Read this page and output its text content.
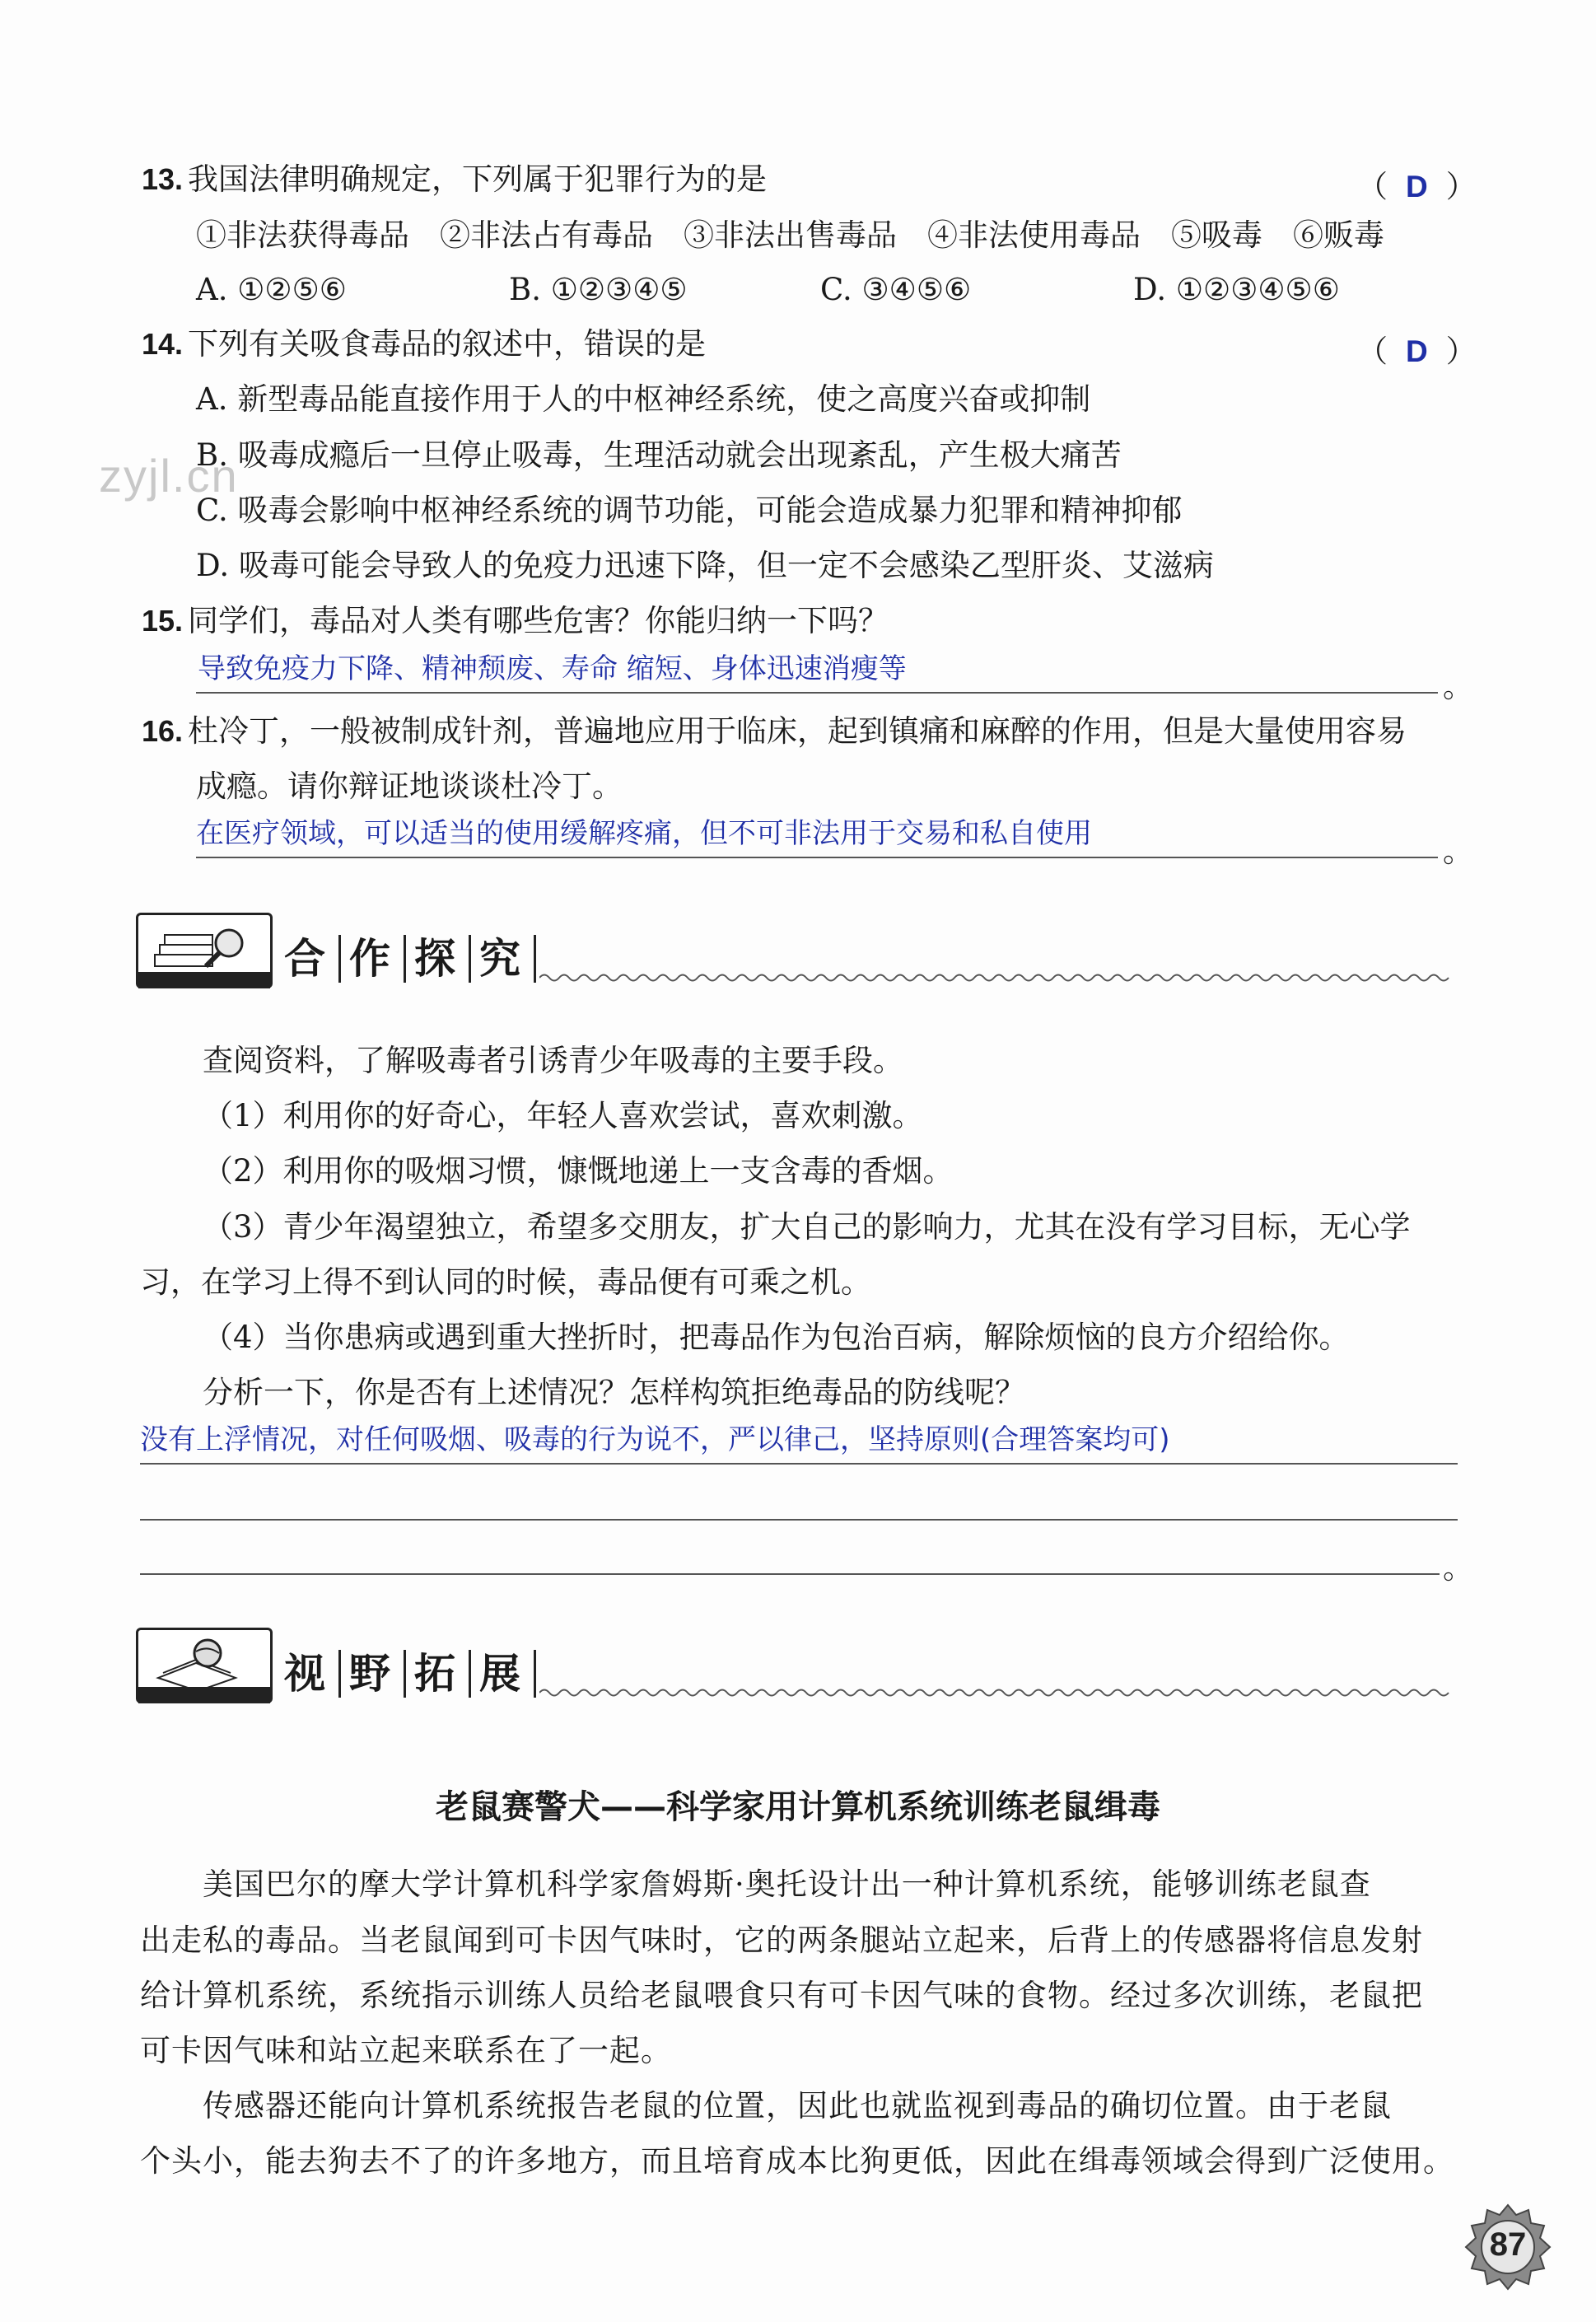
zyjl.cn
13. 我国法律明确规定，下列属于犯罪行为的是	（ D ）
①非法获得毒品　②非法占有毒品　③非法出售毒品　④非法使用毒品　⑤吸毒　⑥贩毒
A. ①②⑤⑥	B. ①②③④⑤	C. ③④⑤⑥	D. ①②③④⑤⑥
14. 下列有关吸食毒品的叙述中，错误的是	（ D ）
A. 新型毒品能直接作用于人的中枢神经系统，使之高度兴奋或抑制
B. 吸毒成瘾后一旦停止吸毒，生理活动就会出现紊乱，产生极大痛苦
C. 吸毒会影响中枢神经系统的调节功能，可能会造成暴力犯罪和精神抑郁
D. 吸毒可能会导致人的免疫力迅速下降，但一定不会感染乙型肝炎、艾滋病
15. 同学们，毒品对人类有哪些危害？你能归纳一下吗？
导致免疫力下降、精神颓废、寿命 缩短、身体迅速消瘦等	。
16. 杜冷丁，一般被制成针剂，普遍地应用于临床，起到镇痛和麻醉的作用，但是大量使用容易
成瘾。请你辩证地谈谈杜冷丁。
在医疗领域，可以适当的使用缓解疼痛，但不可非法用于交易和私自使用	。
合 作 探 究
查阅资料，了解吸毒者引诱青少年吸毒的主要手段。
（1）利用你的好奇心，年轻人喜欢尝试，喜欢刺激。
（2）利用你的吸烟习惯，慷慨地递上一支含毒的香烟。
（3）青少年渴望独立，希望多交朋友，扩大自己的影响力，尤其在没有学习目标，无心学
习，在学习上得不到认同的时候，毒品便有可乘之机。
（4）当你患病或遇到重大挫折时，把毒品作为包治百病，解除烦恼的良方介绍给你。
分析一下，你是否有上述情况？怎样构筑拒绝毒品的防线呢？
没有上浮情况，对任何吸烟、吸毒的行为说不，严以律己，坚持原则(合理答案均可)
。
视 野 拓 展
老鼠赛警犬——科学家用计算机系统训练老鼠缉毒
美国巴尔的摩大学计算机科学家詹姆斯·奥托设计出一种计算机系统，能够训练老鼠查
出走私的毒品。当老鼠闻到可卡因气味时，它的两条腿站立起来，后背上的传感器将信息发射
给计算机系统，系统指示训练人员给老鼠喂食只有可卡因气味的食物。经过多次训练，老鼠把
可卡因气味和站立起来联系在了一起。
传感器还能向计算机系统报告老鼠的位置，因此也就监视到毒品的确切位置。由于老鼠
个头小，能去狗去不了的许多地方，而且培育成本比狗更低，因此在缉毒领域会得到广泛使用。
87
